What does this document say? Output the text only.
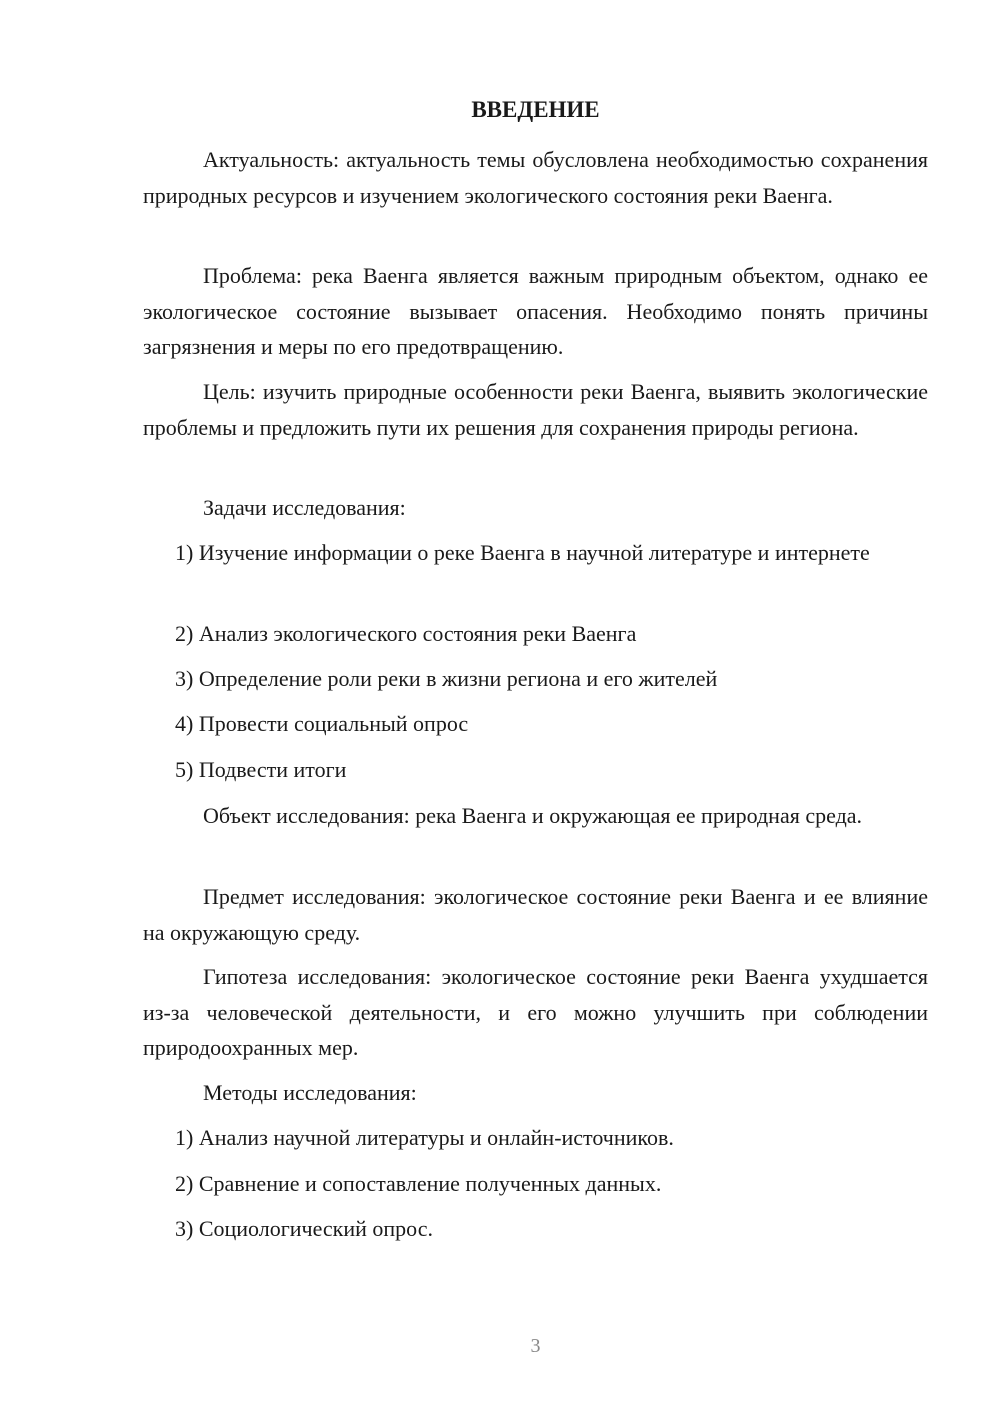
ВВЕДЕНИЕ

Актуальность: актуальность темы обусловлена необходимостью сохранения природных ресурсов и изучением экологического состояния реки Ваенга.

Проблема: река Ваенга является важным природным объектом, однако ее экологическое состояние вызывает опасения. Необходимо понять причины загрязнения и меры по его предотвращению.

Цель: изучить природные особенности реки Ваенга, выявить экологические проблемы и предложить пути их решения для сохранения природы региона.

Задачи исследования:

1) Изучение информации о реке Ваенга в научной литературе и интернете

2) Анализ экологического состояния реки Ваенга

3) Определение роли реки в жизни региона и его жителей

4) Провести социальный опрос

5) Подвести итоги

Объект исследования: река Ваенга и окружающая ее природная среда.

Предмет исследования: экологическое состояние реки Ваенга и ее влияние на окружающую среду.

Гипотеза исследования: экологическое состояние реки Ваенга ухудшается из-за человеческой деятельности, и его можно улучшить при соблюдении природоохранных мер.

Методы исследования:

1) Анализ научной литературы и онлайн-источников.

2) Сравнение и сопоставление полученных данных.

3) Социологический опрос.

3
